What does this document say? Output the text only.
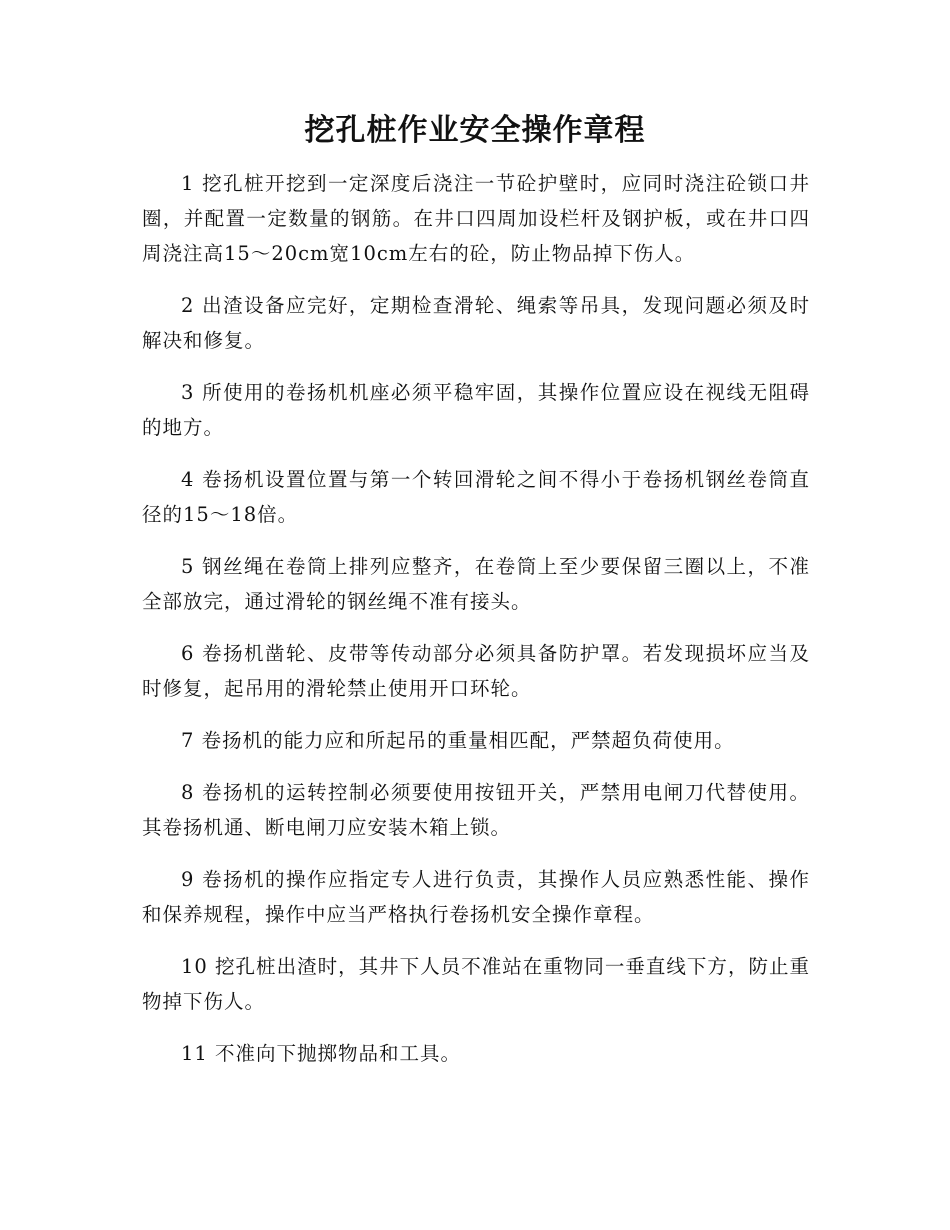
挖孔桩作业安全操作章程

1 挖孔桩开挖到一定深度后浇注一节砼护壁时，应同时浇注砼锁口井圈，并配置一定数量的钢筋。在井口四周加设栏杆及钢护板，或在井口四周浇注高15～20cm宽10cm左右的砼，防止物品掉下伤人。

2 出渣设备应完好，定期检查滑轮、绳索等吊具，发现问题必须及时解决和修复。

3 所使用的卷扬机机座必须平稳牢固，其操作位置应设在视线无阻碍的地方。

4 卷扬机设置位置与第一个转回滑轮之间不得小于卷扬机钢丝卷筒直径的15～18倍。

5 钢丝绳在卷筒上排列应整齐，在卷筒上至少要保留三圈以上，不准全部放完，通过滑轮的钢丝绳不准有接头。

6 卷扬机凿轮、皮带等传动部分必须具备防护罩。若发现损坏应当及时修复，起吊用的滑轮禁止使用开口环轮。

7 卷扬机的能力应和所起吊的重量相匹配，严禁超负荷使用。

8 卷扬机的运转控制必须要使用按钮开关，严禁用电闸刀代替使用。其卷扬机通、断电闸刀应安装木箱上锁。

9 卷扬机的操作应指定专人进行负责，其操作人员应熟悉性能、操作和保养规程，操作中应当严格执行卷扬机安全操作章程。

10 挖孔桩出渣时，其井下人员不准站在重物同一垂直线下方，防止重物掉下伤人。

11 不准向下抛掷物品和工具。
